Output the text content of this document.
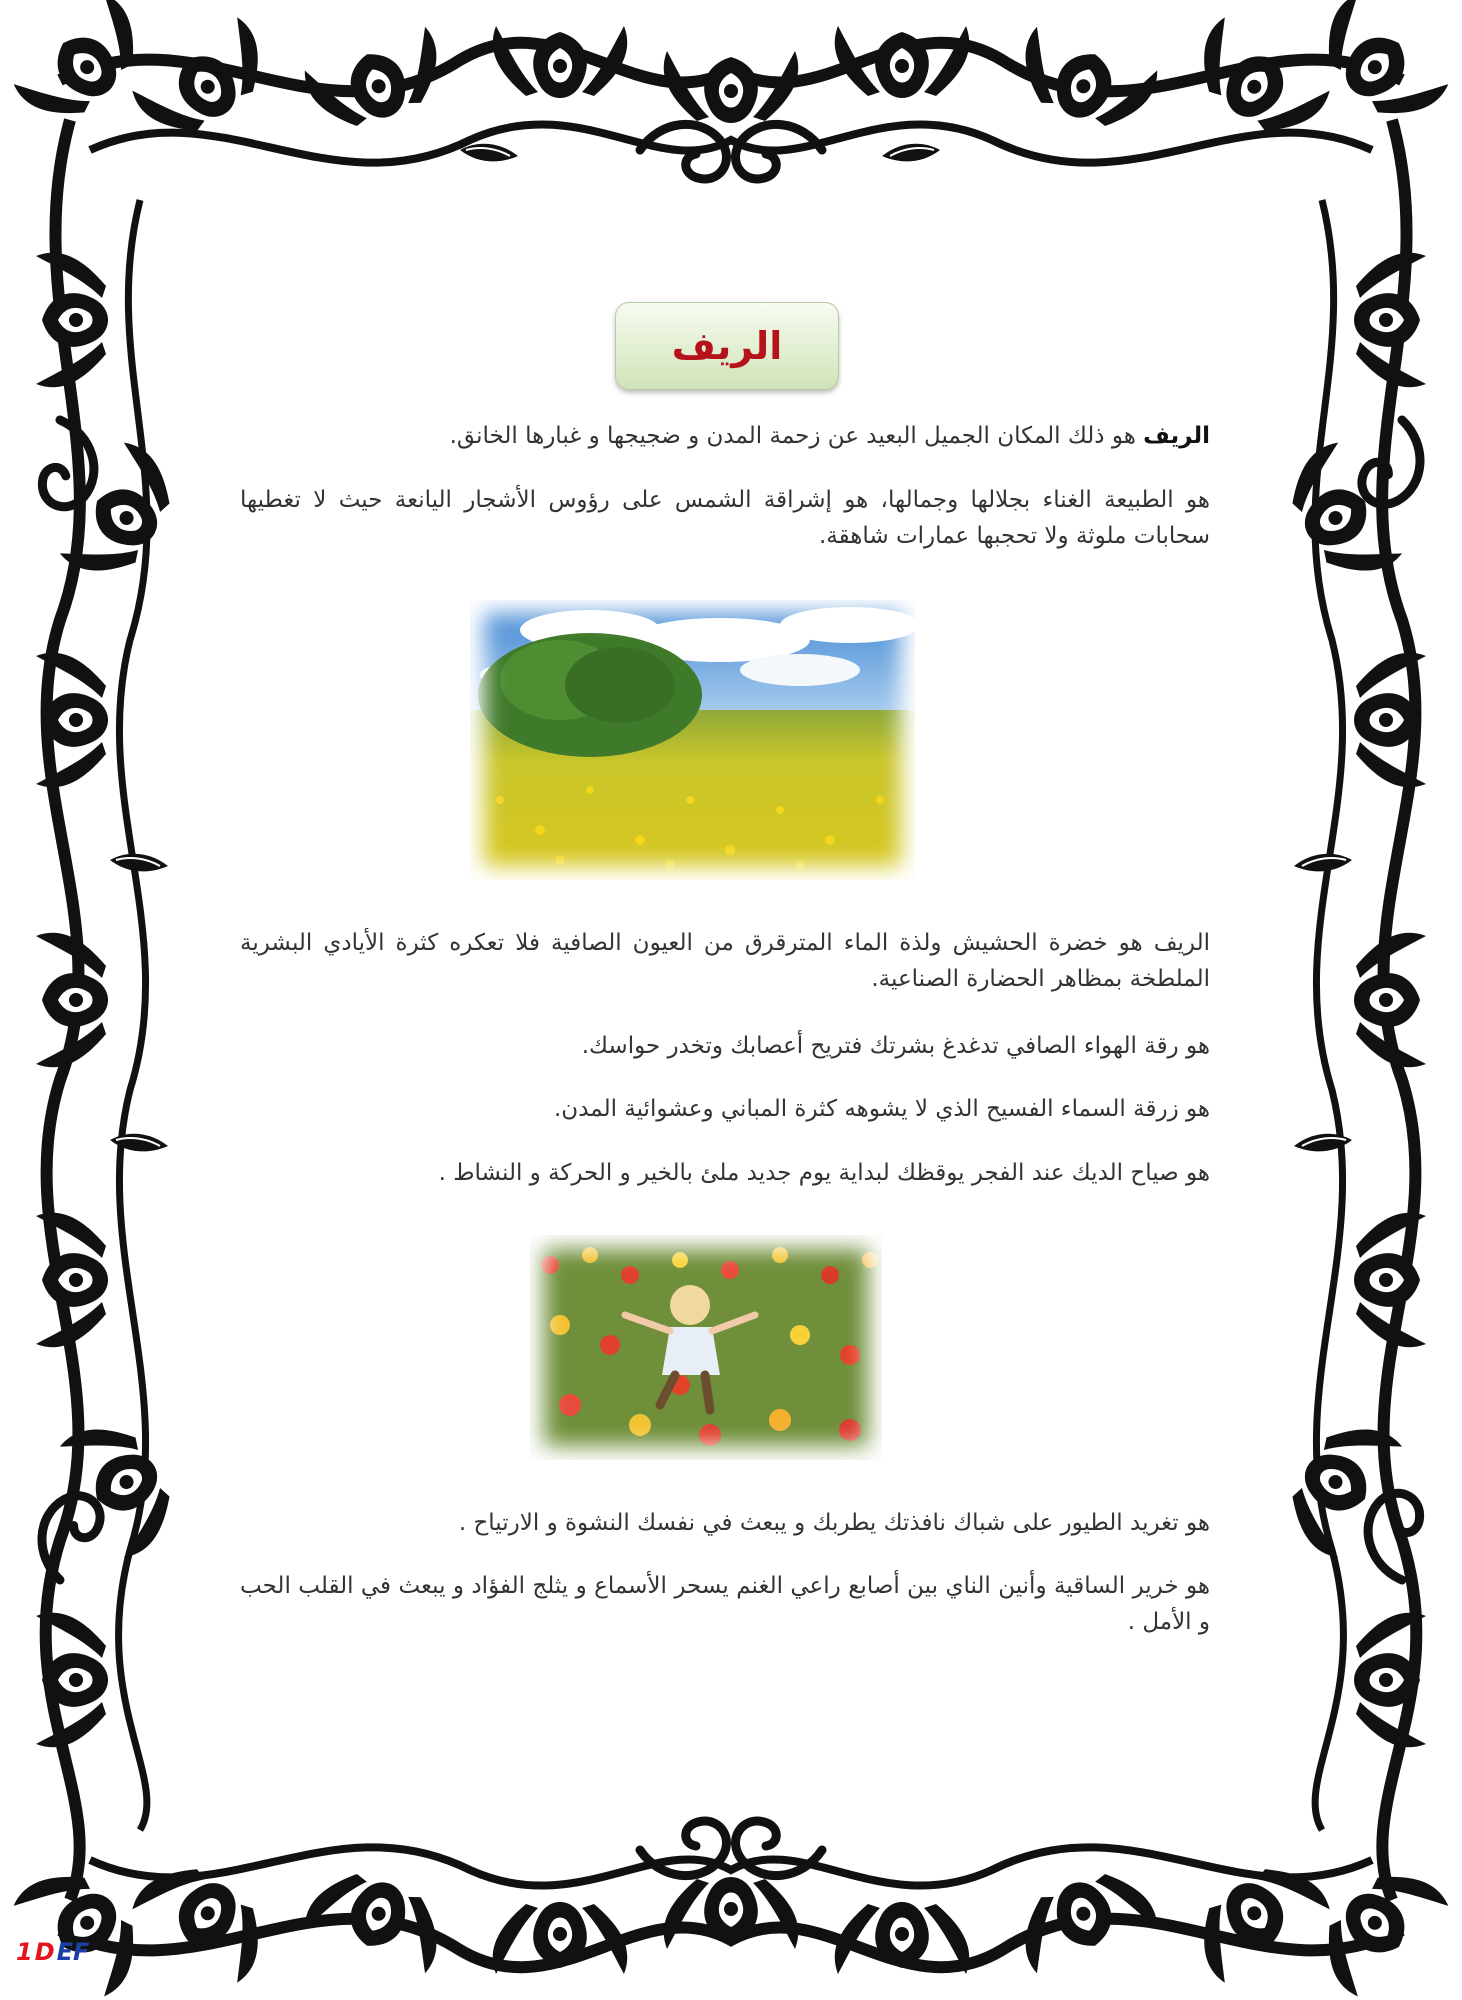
الريف

الريف هو ذلك المكان الجميل البعيد عن زحمة المدن و ضجيجها و غبارها الخانق.

هو الطبيعة الغناء بجلالها وجمالها، هو إشراقة الشمس على رؤوس الأشجار اليانعة حيث لا تغطيها سحابات ملوثة ولا تحجبها عمارات شاهقة.

الريف هو خضرة الحشيش ولذة الماء المترقرق من العيون الصافية فلا تعكره كثرة الأيادي البشرية الملطخة بمظاهر الحضارة الصناعية.

هو رقة الهواء الصافي تدغدغ بشرتك فتريح أعصابك وتخدر حواسك.

هو زرقة السماء الفسيح الذي لا يشوهه كثرة المباني وعشوائية المدن.

هو صياح الديك عند الفجر يوقظك لبداية يوم جديد ملئ بالخير و الحركة و النشاط .

هو تغريد الطيور على شباك نافذتك يطربك و يبعث في نفسك النشوة و الارتياح .

هو خرير الساقية وأنين الناي بين أصابع راعي الغنم يسحر الأسماع و يثلج الفؤاد و يبعث في القلب الحب و الأمل .

1 D EF
